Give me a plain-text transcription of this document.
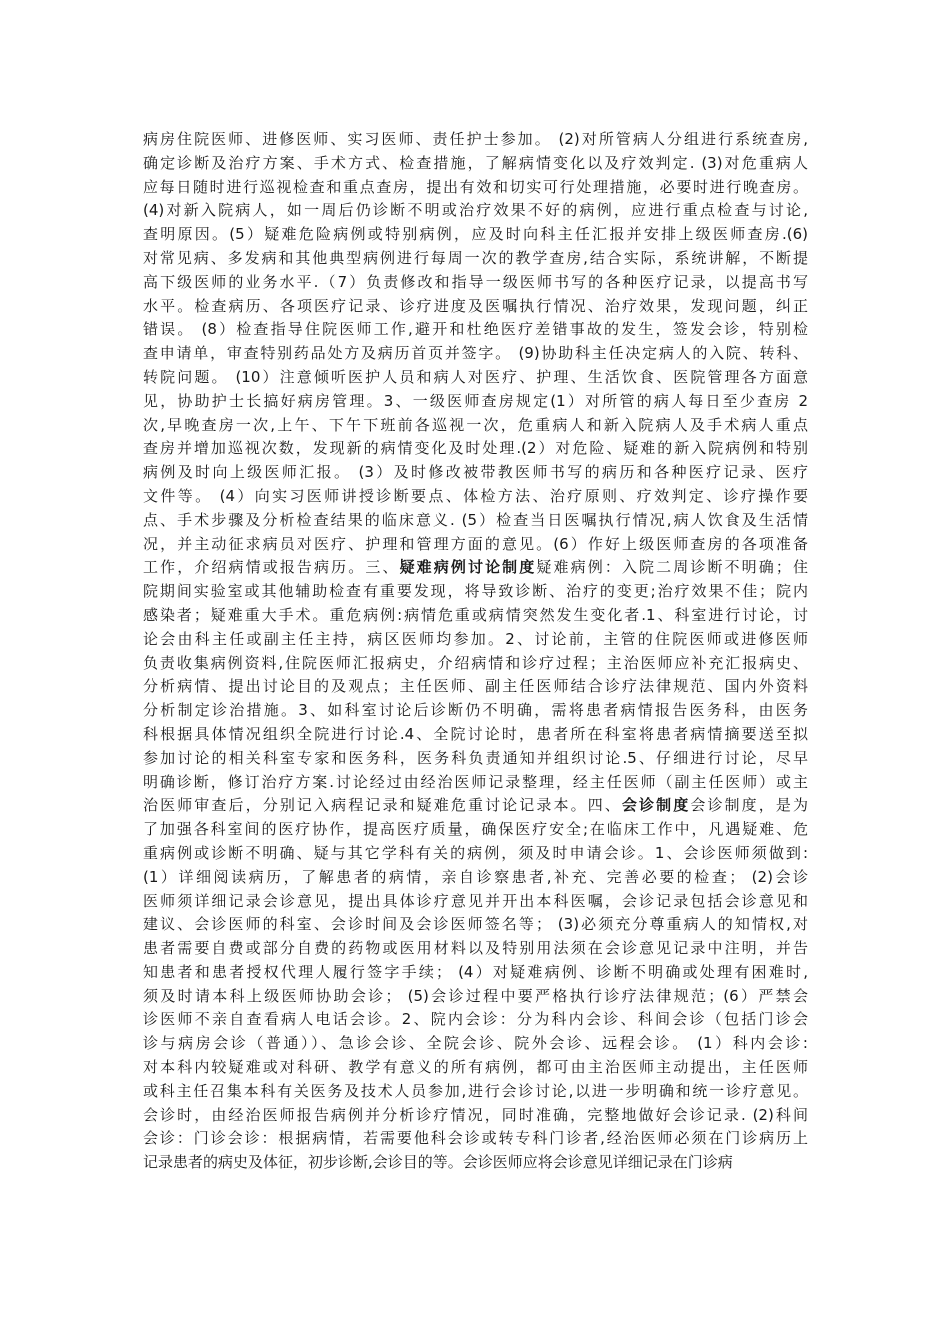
病房住院医师、进修医师、实习医师、责任护士参加。 (2)对所管病人分组进行系统查房,
确定诊断及治疗方案、手术方式、检查措施，了解病情变化以及疗效判定. (3)对危重病人
应每日随时进行巡视检查和重点查房，提出有效和切实可行处理措施，必要时进行晚查房。
(4)对新入院病人，如一周后仍诊断不明或治疗效果不好的病例，应进行重点检查与讨论,
查明原因。(5）疑难危险病例或特别病例，应及时向科主任汇报并安排上级医师查房.(6)
对常见病、多发病和其他典型病例进行每周一次的教学查房,结合实际，系统讲解，不断提
高下级医师的业务水平.（7）负责修改和指导一级医师书写的各种医疗记录，以提高书写
水平。检查病历、各项医疗记录、诊疗进度及医嘱执行情况、治疗效果，发现问题，纠正
错误。 (8）检查指导住院医师工作,避开和杜绝医疗差错事故的发生，签发会诊，特别检
查申请单，审查特别药品处方及病历首页并签字。 (9)协助科主任决定病人的入院、转科、
转院问题。 (10）注意倾听医护人员和病人对医疗、护理、生活饮食、医院管理各方面意
见，协助护士长搞好病房管理。3、一级医师查房规定(1）对所管的病人每日至少查房 2
次,早晚查房一次,上午、下午下班前各巡视一次，危重病人和新入院病人及手术病人重点
查房并增加巡视次数，发现新的病情变化及时处理.(2）对危险、疑难的新入院病例和特别
病例及时向上级医师汇报。 (3）及时修改被带教医师书写的病历和各种医疗记录、医疗
文件等。 (4）向实习医师讲授诊断要点、体检方法、治疗原则、疗效判定、诊疗操作要
点、手术步骤及分析检查结果的临床意义. (5）检查当日医嘱执行情况,病人饮食及生活情
况，并主动征求病员对医疗、护理和管理方面的意见。(6）作好上级医师查房的各项准备
工作，介绍病情或报告病历。三、疑难病例讨论制度疑难病例：入院二周诊断不明确；住
院期间实验室或其他辅助检查有重要发现，将导致诊断、治疗的变更;治疗效果不佳；院内
感染者；疑难重大手术。重危病例:病情危重或病情突然发生变化者.1、科室进行讨论，讨
论会由科主任或副主任主持，病区医师均参加。2、讨论前，主管的住院医师或进修医师
负责收集病例资料,住院医师汇报病史，介绍病情和诊疗过程；主治医师应补充汇报病史、
分析病情、提出讨论目的及观点；主任医师、副主任医师结合诊疗法律规范、国内外资料
分析制定诊治措施。3、如科室讨论后诊断仍不明确，需将患者病情报告医务科，由医务
科根据具体情况组织全院进行讨论.4、全院讨论时，患者所在科室将患者病情摘要送至拟
参加讨论的相关科室专家和医务科，医务科负责通知并组织讨论.5、仔细进行讨论，尽早
明确诊断，修订治疗方案.讨论经过由经治医师记录整理，经主任医师（副主任医师）或主
治医师审查后，分别记入病程记录和疑难危重讨论记录本。四、会诊制度会诊制度，是为
了加强各科室间的医疗协作，提高医疗质量，确保医疗安全;在临床工作中，凡遇疑难、危
重病例或诊断不明确、疑与其它学科有关的病例，须及时申请会诊。1、会诊医师须做到:
(1）详细阅读病历，了解患者的病情，亲自诊察患者,补充、完善必要的检查； (2)会诊
医师须详细记录会诊意见，提出具体诊疗意见并开出本科医嘱，会诊记录包括会诊意见和
建议、会诊医师的科室、会诊时间及会诊医师签名等； (3)必须充分尊重病人的知情权,对
患者需要自费或部分自费的药物或医用材料以及特别用法须在会诊意见记录中注明，并告
知患者和患者授权代理人履行签字手续； (4）对疑难病例、诊断不明确或处理有困难时,
须及时请本科上级医师协助会诊； (5)会诊过程中要严格执行诊疗法律规范；(6）严禁会
诊医师不亲自查看病人电话会诊。2、院内会诊：分为科内会诊、科间会诊（包括门诊会
诊与病房会诊（普通））、急诊会诊、全院会诊、院外会诊、远程会诊。 (1）科内会诊:
对本科内较疑难或对科研、教学有意义的所有病例，都可由主治医师主动提出，主任医师
或科主任召集本科有关医务及技术人员参加,进行会诊讨论,以进一步明确和统一诊疗意见。
会诊时，由经治医师报告病例并分析诊疗情况，同时准确，完整地做好会诊记录. (2)科间
会诊：门诊会诊：根据病情，若需要他科会诊或转专科门诊者,经治医师必须在门诊病历上
记录患者的病史及体征，初步诊断,会诊目的等。会诊医师应将会诊意见详细记录在门诊病
